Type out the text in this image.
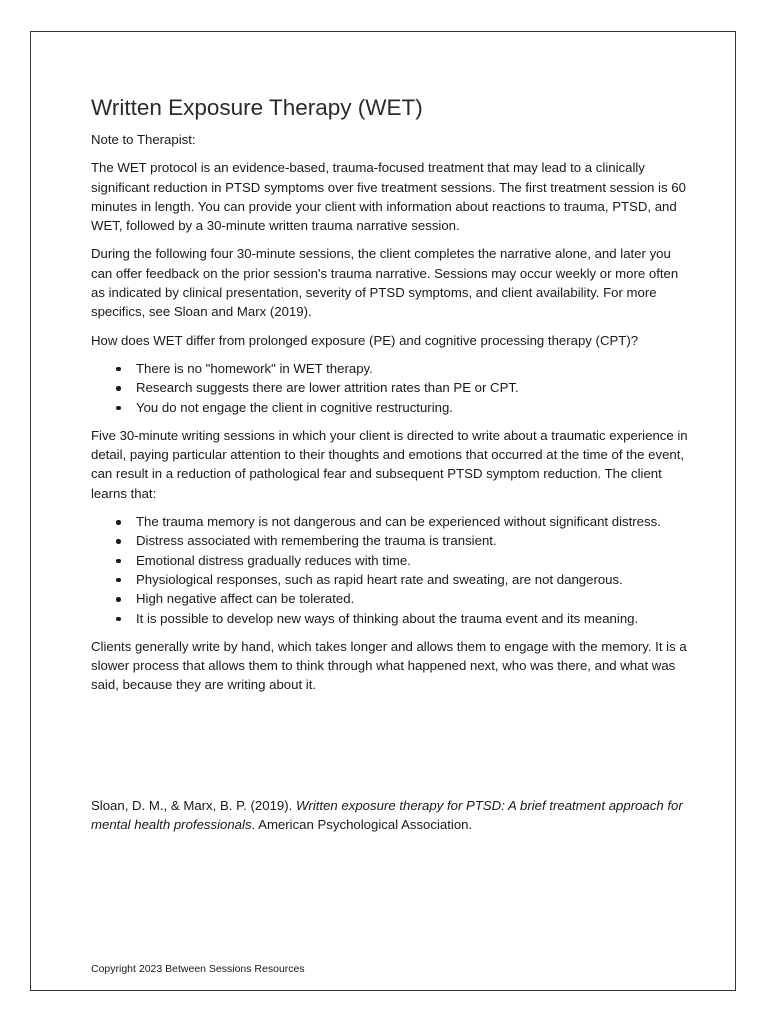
Written Exposure Therapy (WET)

Note to Therapist:

The WET protocol is an evidence-based, trauma-focused treatment that may lead to a clinically significant reduction in PTSD symptoms over five treatment sessions. The first treatment session is 60 minutes in length. You can provide your client with information about reactions to trauma, PTSD, and WET, followed by a 30-minute written trauma narrative session.

During the following four 30-minute sessions, the client completes the narrative alone, and later you can offer feedback on the prior session's trauma narrative. Sessions may occur weekly or more often as indicated by clinical presentation, severity of PTSD symptoms, and client availability. For more specifics, see Sloan and Marx (2019).

How does WET differ from prolonged exposure (PE) and cognitive processing therapy (CPT)?

There is no "homework" in WET therapy.
Research suggests there are lower attrition rates than PE or CPT.
You do not engage the client in cognitive restructuring.

Five 30-minute writing sessions in which your client is directed to write about a traumatic experience in detail, paying particular attention to their thoughts and emotions that occurred at the time of the event, can result in a reduction of pathological fear and subsequent PTSD symptom reduction. The client learns that:

The trauma memory is not dangerous and can be experienced without significant distress.
Distress associated with remembering the trauma is transient.
Emotional distress gradually reduces with time.
Physiological responses, such as rapid heart rate and sweating, are not dangerous.
High negative affect can be tolerated.
It is possible to develop new ways of thinking about the trauma event and its meaning.

Clients generally write by hand, which takes longer and allows them to engage with the memory. It is a slower process that allows them to think through what happened next, who was there, and what was said, because they are writing about it.

Sloan, D. M., & Marx, B. P. (2019). Written exposure therapy for PTSD: A brief treatment approach for mental health professionals. American Psychological Association.
Copyright 2023 Between Sessions Resources
